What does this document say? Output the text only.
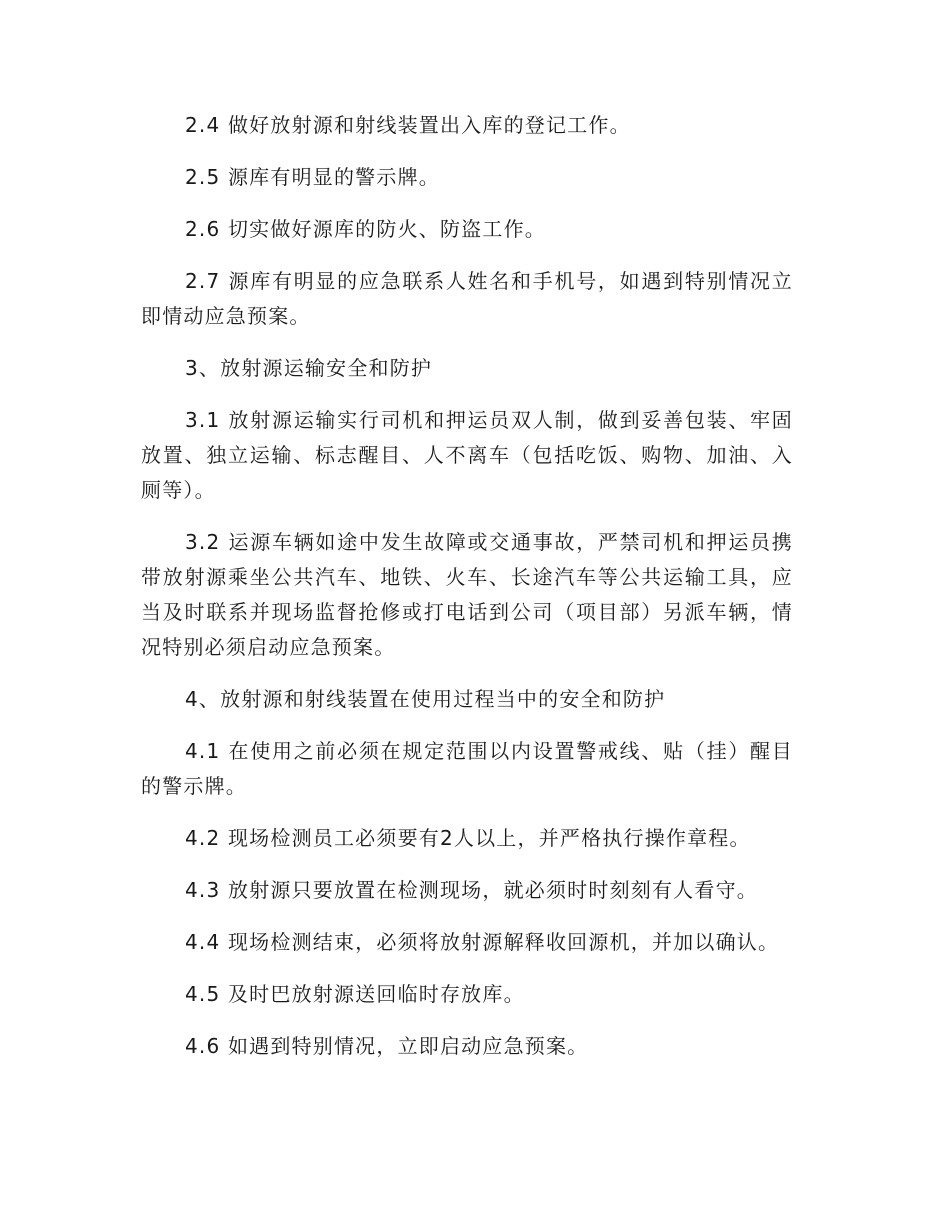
2.4 做好放射源和射线装置出入库的登记工作。

2.5 源库有明显的警示牌。

2.6 切实做好源库的防火、防盗工作。

2.7 源库有明显的应急联系人姓名和手机号，如遇到特别情况立即情动应急预案。

3、放射源运输安全和防护

3.1 放射源运输实行司机和押运员双人制，做到妥善包装、牢固放置、独立运输、标志醒目、人不离车（包括吃饭、购物、加油、入厕等）。

3.2 运源车辆如途中发生故障或交通事故，严禁司机和押运员携带放射源乘坐公共汽车、地铁、火车、长途汽车等公共运输工具，应当及时联系并现场监督抢修或打电话到公司（项目部）另派车辆，情况特别必须启动应急预案。

4、放射源和射线装置在使用过程当中的安全和防护

4.1 在使用之前必须在规定范围以内设置警戒线、贴（挂）醒目的警示牌。

4.2 现场检测员工必须要有2人以上，并严格执行操作章程。

4.3 放射源只要放置在检测现场，就必须时时刻刻有人看守。

4.4 现场检测结束，必须将放射源解释收回源机，并加以确认。

4.5 及时巴放射源送回临时存放库。

4.6 如遇到特别情况，立即启动应急预案。
